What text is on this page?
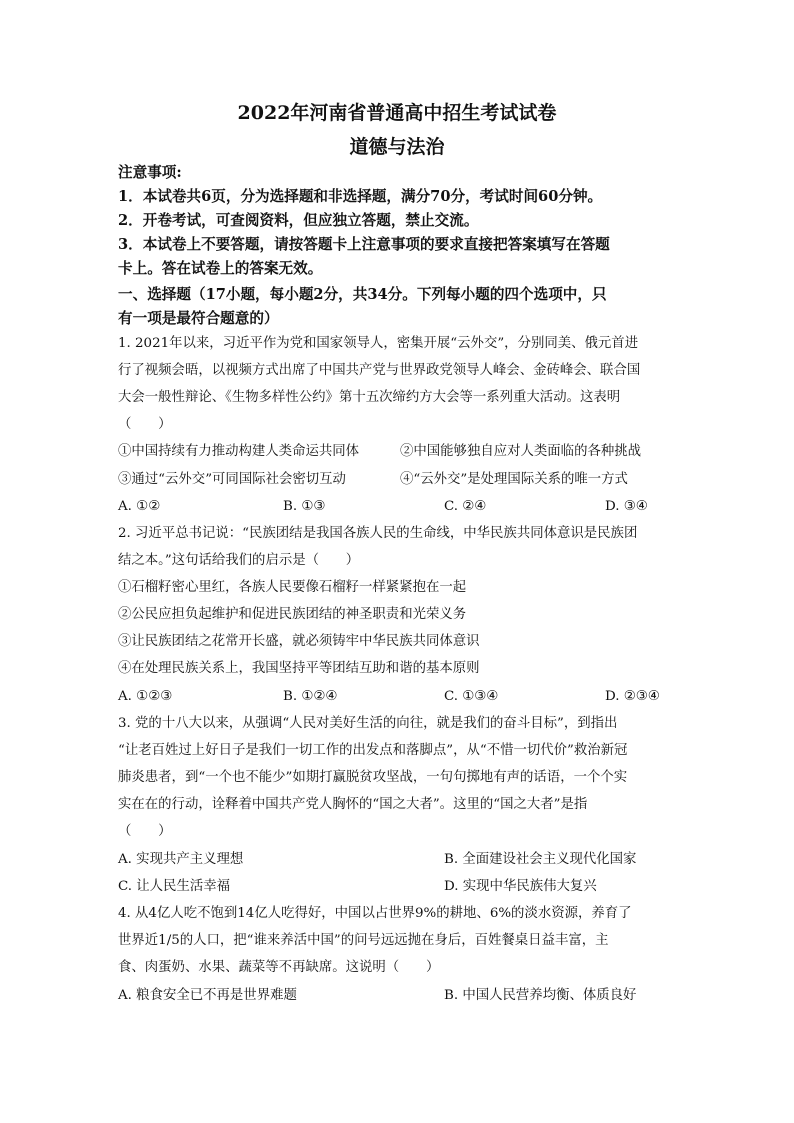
2022年河南省普通高中招生考试试卷
道德与法治
注意事项:
1．本试卷共6页，分为选择题和非选择题，满分70分，考试时间60分钟。
2．开卷考试，可查阅资料，但应独立答题，禁止交流。
3．本试卷上不要答题，请按答题卡上注意事项的要求直接把答案填写在答题
卡上。答在试卷上的答案无效。
一、选择题（17小题，每小题2分，共34分。下列每小题的四个选项中，只
有一项是最符合题意的）
1. 2021年以来，习近平作为党和国家领导人，密集开展“云外交”，分别同美、俄元首进
行了视频会晤，以视频方式出席了中国共产党与世界政党领导人峰会、金砖峰会、联合国
大会一般性辩论、《生物多样性公约》第十五次缔约方大会等一系列重大活动。这表明
（　　）
①中国持续有力推动构建人类命运共同体	②中国能够独自应对人类面临的各种挑战
③通过“云外交”可同国际社会密切互动	④“云外交”是处理国际关系的唯一方式
A. ①②	B. ①③	C. ②④	D. ③④
2. 习近平总书记说：“民族团结是我国各族人民的生命线，中华民族共同体意识是民族团
结之本。”这句话给我们的启示是（　　）
①石榴籽密心里红，各族人民要像石榴籽一样紧紧抱在一起
②公民应担负起维护和促进民族团结的神圣职责和光荣义务
③让民族团结之花常开长盛，就必须铸牢中华民族共同体意识
④在处理民族关系上，我国坚持平等团结互助和谐的基本原则
A. ①②③	B. ①②④	C. ①③④	D. ②③④
3. 党的十八大以来，从强调“人民对美好生活的向往，就是我们的奋斗目标”，到指出
“让老百姓过上好日子是我们一切工作的出发点和落脚点”，从“不惜一切代价”救治新冠
肺炎患者，到“一个也不能少”如期打赢脱贫攻坚战，一句句掷地有声的话语，一个个实
实在在的行动，诠释着中国共产党人胸怀的“国之大者”。这里的“国之大者”是指
（　　）
A. 实现共产主义理想	B. 全面建设社会主义现代化国家
C. 让人民生活幸福	D. 实现中华民族伟大复兴
4. 从4亿人吃不饱到14亿人吃得好，中国以占世界9%的耕地、6%的淡水资源，养育了
世界近1/5的人口，把“谁来养活中国”的问号远远抛在身后，百姓餐桌日益丰富，主
食、肉蛋奶、水果、蔬菜等不再缺席。这说明（　　）
A. 粮食安全已不再是世界难题	B. 中国人民营养均衡、体质良好
